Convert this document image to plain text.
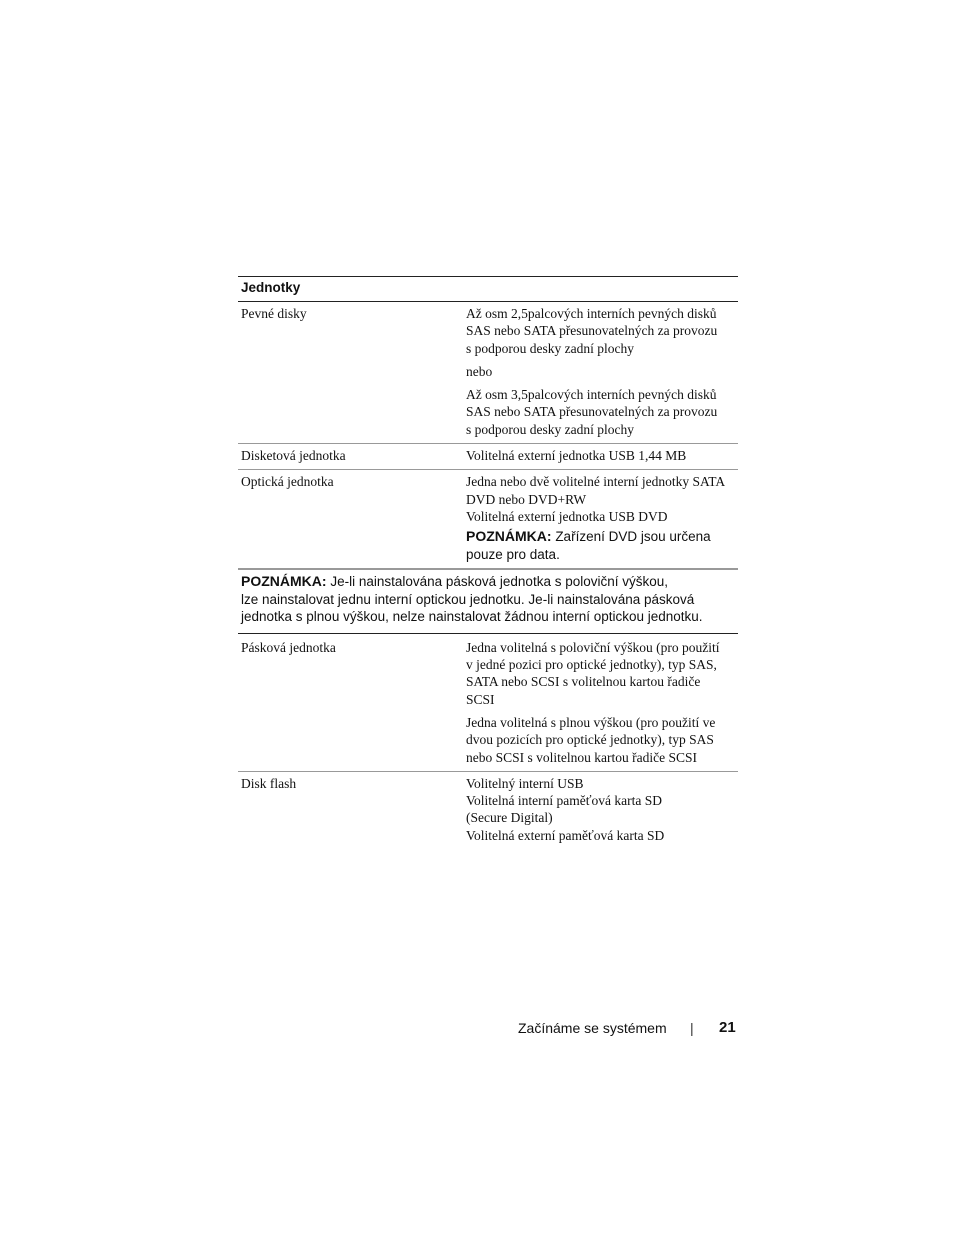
Jednotky
Pevné disky	Až osm 2,5palcových interních pevných disků
SAS nebo SATA přesunovatelných za provozu
s podporou desky zadní plochy
nebo
Až osm 3,5palcových interních pevných disků
SAS nebo SATA přesunovatelných za provozu
s podporou desky zadní plochy
Disketová jednotka	Volitelná externí jednotka USB 1,44 MB
Optická jednotka	Jedna nebo dvě volitelné interní jednotky SATA
DVD nebo DVD+RW
Volitelná externí jednotka USB DVD
POZNÁMKA: Zařízení DVD jsou určena
pouze pro data.
POZNÁMKA: Je-li nainstalována pásková jednotka s poloviční výškou,
lze nainstalovat jednu interní optickou jednotku. Je-li nainstalována pásková
jednotka s plnou výškou, nelze nainstalovat žádnou interní optickou jednotku.
Pásková jednotka	Jedna volitelná s poloviční výškou (pro použití
v jedné pozici pro optické jednotky), typ SAS,
SATA nebo SCSI s volitelnou kartou řadiče
SCSI
Jedna volitelná s plnou výškou (pro použití ve
dvou pozicích pro optické jednotky), typ SAS
nebo SCSI s volitelnou kartou řadiče SCSI
Disk flash	Volitelný interní USB
Volitelná interní paměťová karta SD
(Secure Digital)
Volitelná externí paměťová karta SD
Začínáme se systémem | 21
